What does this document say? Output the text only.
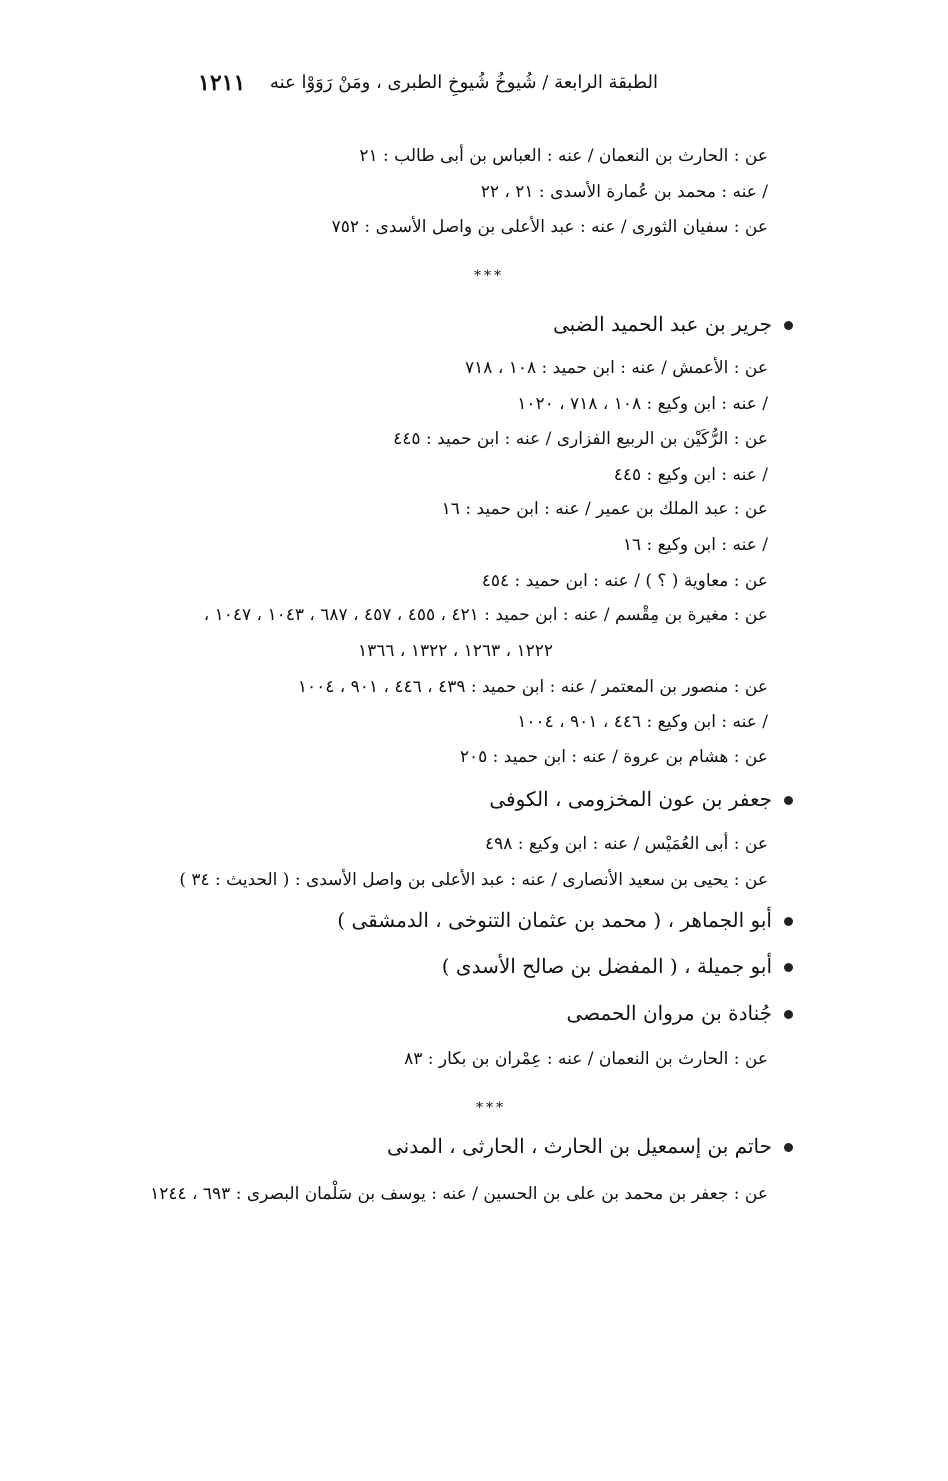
الطبقة الرابعة / شُيوخُ شُيوخِ الطبرى ، ومَنْ رَوَوْا عنه
١٢١١
عن : الحارث بن النعمان / عنه : العباس بن أبى طالب : ٢١
/ عنه : محمد بن عُمارة الأسدى : ٢١ ، ٢٢
عن : سفيان الثورى / عنه : عبد الأعلى بن واصل الأسدى : ٧٥٢
***
جرير بن عبد الحميد الضبى
عن : الأعمش / عنه : ابن حميد : ١٠٨ ، ٧١٨
/ عنه : ابن وكيع : ١٠٨ ، ٧١٨ ، ١٠٢٠
عن : الرُّكَيْن بن الربيع الفزارى / عنه : ابن حميد : ٤٤٥
/ عنه : ابن وكيع : ٤٤٥
عن : عبد الملك بن عمير / عنه : ابن حميد : ١٦
/ عنه : ابن وكيع : ١٦
عن : معاوية ( ؟ ) / عنه : ابن حميد : ٤٥٤
عن : مغيرة بن مِقْسم / عنه : ابن حميد : ٤٢١ ، ٤٥٥ ، ٤٥٧ ، ٦٨٧ ، ١٠٤٣ ، ١٠٤٧ ،
١٢٢٢ ، ١٢٦٣ ، ١٣٢٢ ، ١٣٦٦
عن : منصور بن المعتمر / عنه : ابن حميد : ٤٣٩ ، ٤٤٦ ، ٩٠١ ، ١٠٠٤
/ عنه : ابن وكيع : ٤٤٦ ، ٩٠١ ، ١٠٠٤
عن : هشام بن عروة / عنه : ابن حميد : ٢٠٥
جعفر بن عون المخزومى ، الكوفى
عن : أبى العُمَيْس / عنه : ابن وكيع : ٤٩٨
عن : يحيى بن سعيد الأنصارى / عنه : عبد الأعلى بن واصل الأسدى : ( الحديث : ٣٤ )
أبو الجماهر ، ( محمد بن عثمان التنوخى ، الدمشقى )
أبو جميلة ، ( المفضل بن صالح الأسدى )
جُنادة بن مروان الحمصى
عن : الحارث بن النعمان / عنه : عِمْران بن بكار : ٨٣
***
حاتم بن إسمعيل بن الحارث ، الحارثى ، المدنى
عن : جعفر بن محمد بن على بن الحسين / عنه : يوسف بن سَلْمان البصرى : ٦٩٣ ، ١٢٤٤
